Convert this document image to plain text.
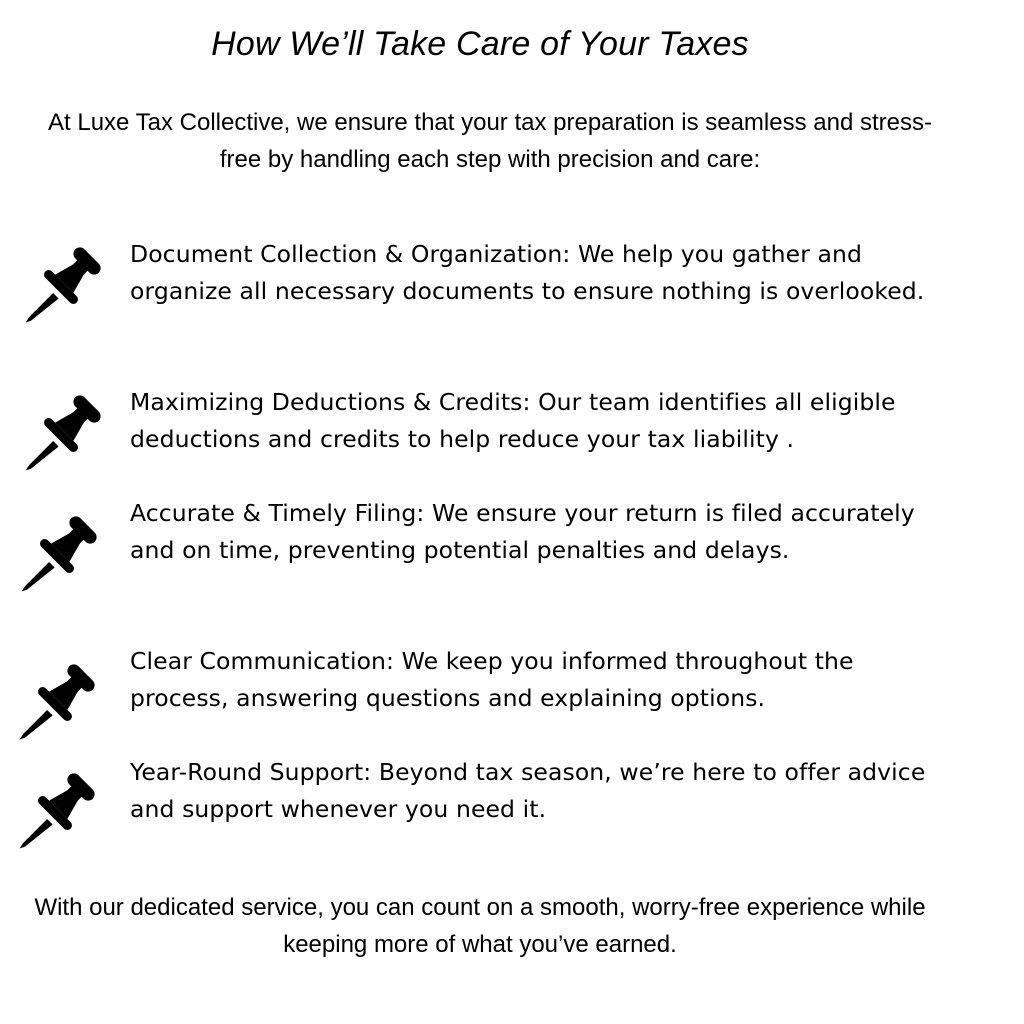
How We’ll Take Care of Your Taxes

At Luxe Tax Collective, we ensure that your tax preparation is seamless and stress-free by handling each step with precision and care:

Document Collection & Organization: We help you gather and organize all necessary documents to ensure nothing is overlooked.

Maximizing Deductions & Credits: Our team identifies all eligible deductions and credits to help reduce your tax liability .

Accurate & Timely Filing: We ensure your return is filed accurately and on time, preventing potential penalties and delays.

Clear Communication: We keep you informed throughout the process, answering questions and explaining options.

Year-Round Support: Beyond tax season, we’re here to offer advice and support whenever you need it.

With our dedicated service, you can count on a smooth, worry-free experience while keeping more of what you’ve earned.
